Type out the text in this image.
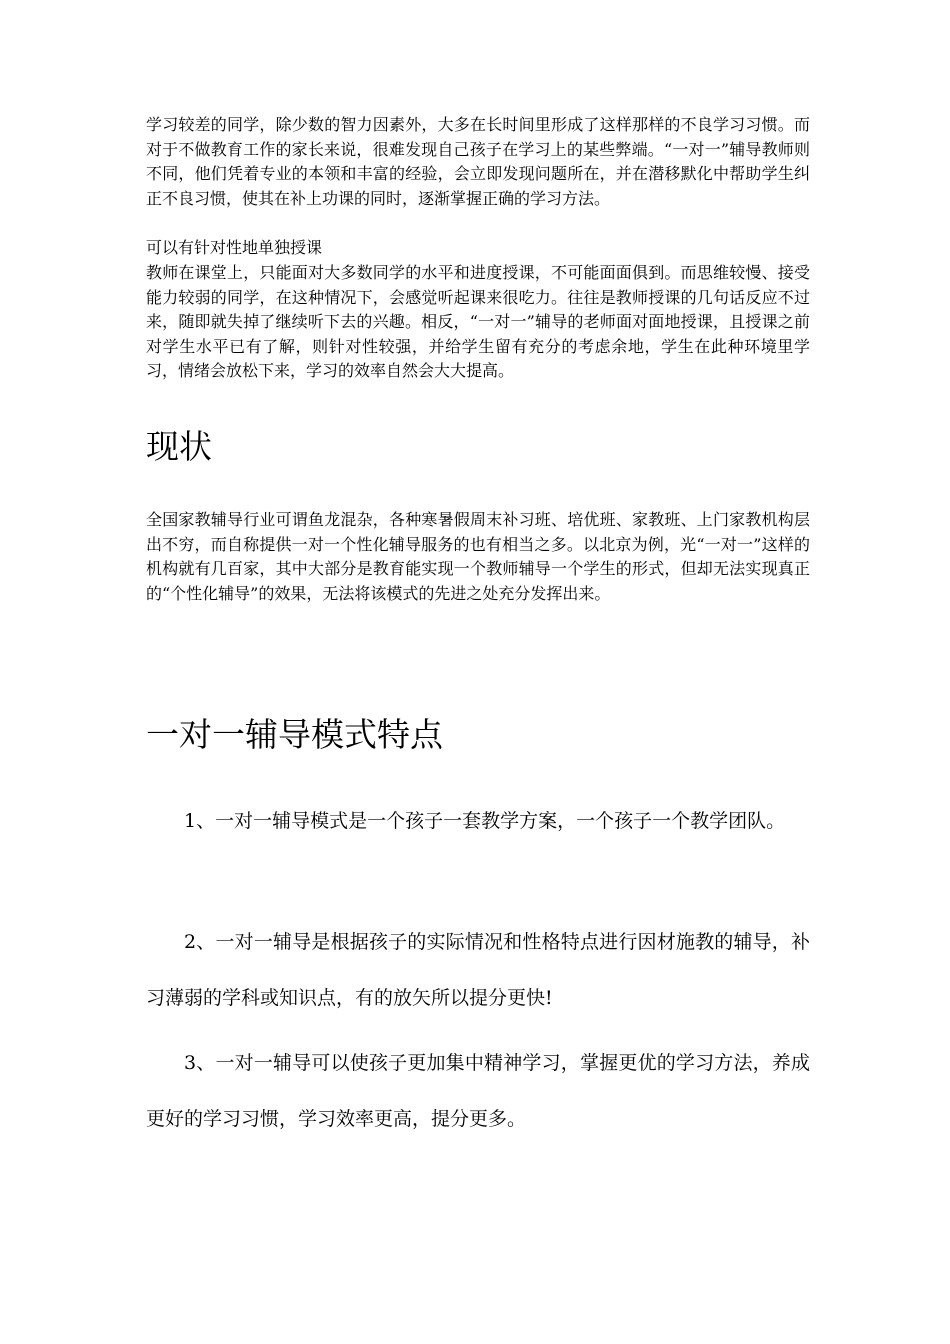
学习较差的同学，除少数的智力因素外，大多在长时间里形成了这样那样的不良学习习惯。而对于不做教育工作的家长来说，很难发现自己孩子在学习上的某些弊端。“一对一”辅导教师则不同，他们凭着专业的本领和丰富的经验，会立即发现问题所在，并在潜移默化中帮助学生纠正不良习惯，使其在补上功课的同时，逐渐掌握正确的学习方法。

可以有针对性地单独授课

教师在课堂上，只能面对大多数同学的水平和进度授课，不可能面面俱到。而思维较慢、接受能力较弱的同学，在这种情况下，会感觉听起课来很吃力。往往是教师授课的几句话反应不过来，随即就失掉了继续听下去的兴趣。相反，“一对一”辅导的老师面对面地授课，且授课之前对学生水平已有了解，则针对性较强，并给学生留有充分的考虑余地，学生在此种环境里学习，情绪会放松下来，学习的效率自然会大大提高。

现状

全国家教辅导行业可谓鱼龙混杂，各种寒暑假周末补习班、培优班、家教班、上门家教机构层出不穷，而自称提供一对一个性化辅导服务的也有相当之多。以北京为例，光“一对一”这样的机构就有几百家，其中大部分是教育能实现一个教师辅导一个学生的形式，但却无法实现真正的“个性化辅导”的效果，无法将该模式的先进之处充分发挥出来。

一对一辅导模式特点

1、一对一辅导模式是一个孩子一套教学方案，一个孩子一个教学团队。

2、一对一辅导是根据孩子的实际情况和性格特点进行因材施教的辅导，补习薄弱的学科或知识点，有的放矢所以提分更快!

3、一对一辅导可以使孩子更加集中精神学习，掌握更优的学习方法，养成更好的学习习惯，学习效率更高，提分更多。
